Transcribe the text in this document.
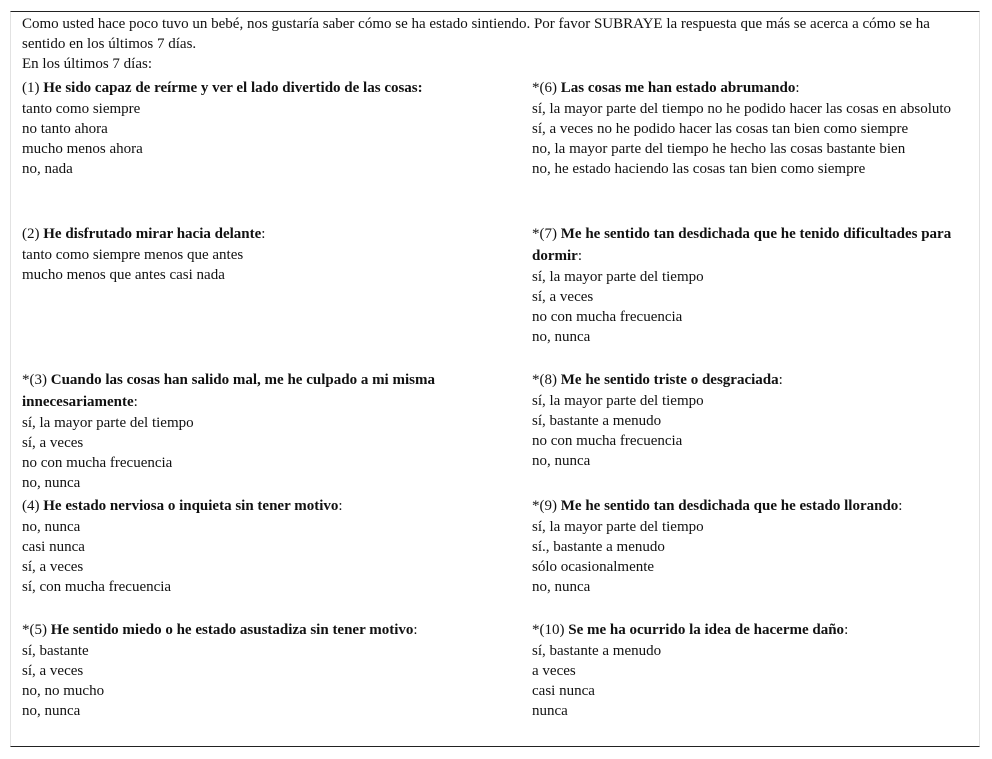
Como usted hace poco tuvo un bebé, nos gustaría saber cómo se ha estado sintiendo. Por favor SUBRAYE la respuesta que más se acerca a cómo se ha sentido en los últimos 7 días.
En los últimos 7 días:
(1) He sido capaz de reírme y ver el lado divertido de las cosas:
tanto como siempre
no tanto ahora
mucho menos ahora
no, nada
(2) He disfrutado mirar hacia delante:
tanto como siempre menos que antes
mucho menos que antes casi nada
*(3) Cuando las cosas han salido mal, me he culpado a mi misma innecesariamente:
sí, la mayor parte del tiempo
sí, a veces
no con mucha frecuencia
no, nunca
(4) He estado nerviosa o inquieta sin tener motivo:
no, nunca
casi nunca
sí, a veces
sí, con mucha frecuencia
*(5) He sentido miedo o he estado asustadiza sin tener motivo:
sí, bastante
sí, a veces
no, no mucho
no, nunca
*(6) Las cosas me han estado abrumando:
sí, la mayor parte del tiempo no he podido hacer las cosas en absoluto
sí, a veces no he podido hacer las cosas tan bien como siempre
no, la mayor parte del tiempo he hecho las cosas bastante bien
no, he estado haciendo las cosas tan bien como siempre
*(7) Me he sentido tan desdichada que he tenido dificultades para dormir:
sí, la mayor parte del tiempo
sí, a veces
no con mucha frecuencia
no, nunca
*(8) Me he sentido triste o desgraciada:
sí, la mayor parte del tiempo
sí, bastante a menudo
no con mucha frecuencia
no, nunca
*(9) Me he sentido tan desdichada que he estado llorando:
sí, la mayor parte del tiempo
sí., bastante a menudo
sólo ocasionalmente
no, nunca
*(10) Se me ha ocurrido la idea de hacerme daño:
sí, bastante a menudo
a veces
casi nunca
nunca
